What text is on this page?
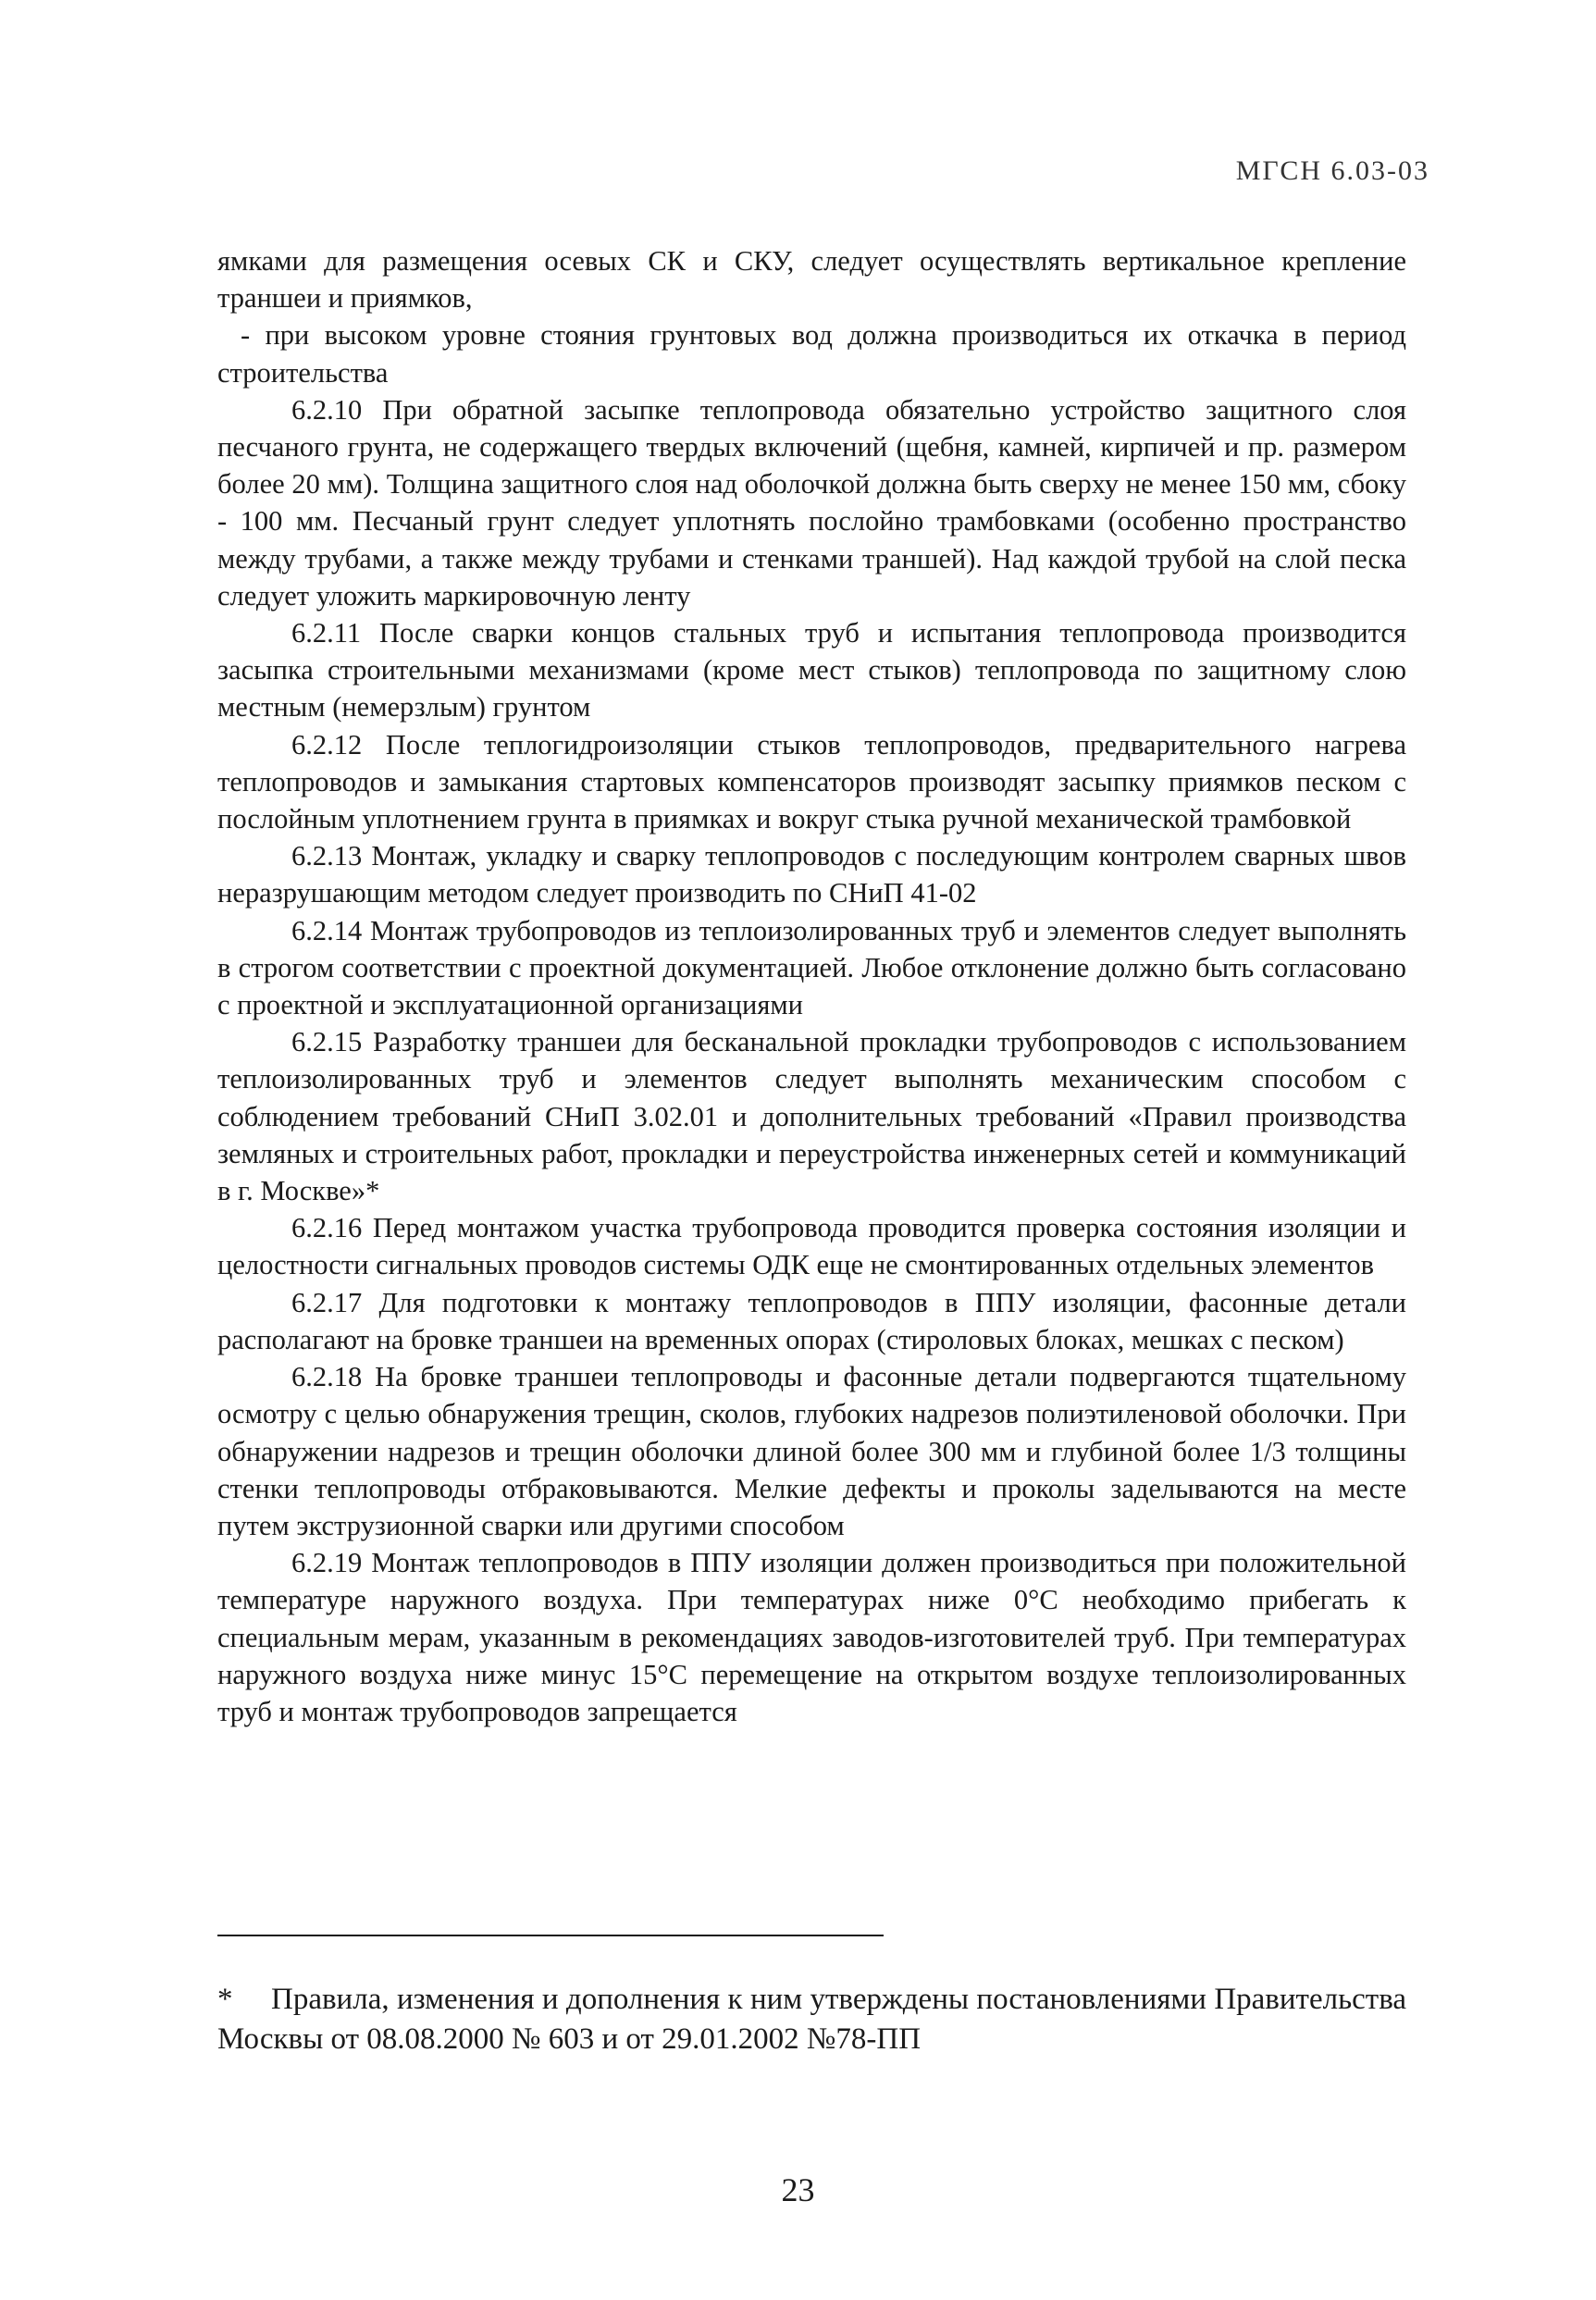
МГСН 6.03-03

ямками для размещения осевых СК и СКУ, следует осуществлять вертикальное крепление траншеи и приямков,

- при высоком уровне стояния грунтовых вод должна производиться их откачка в период строительства

6.2.10 При обратной засыпке теплопровода обязательно устройство защитного слоя песчаного грунта, не содержащего твердых включений (щебня, камней, кирпичей и пр. размером более 20 мм). Толщина защитного слоя над оболочкой должна быть сверху не менее 150 мм, сбоку - 100 мм. Песчаный грунт следует уплотнять послойно трамбовками (особенно пространство между трубами, а также между трубами и стенками траншей). Над каждой трубой на слой песка следует уложить маркировочную ленту

6.2.11 После сварки концов стальных труб и испытания теплопровода производится засыпка строительными механизмами (кроме мест стыков) теплопровода по защитному слою местным (немерзлым) грунтом

6.2.12 После теплогидроизоляции стыков теплопроводов, предварительного нагрева теплопроводов и замыкания стартовых компенсаторов производят засыпку приямков песком с послойным уплотнением грунта в приямках и вокруг стыка ручной механической трамбовкой

6.2.13 Монтаж, укладку и сварку теплопроводов с последующим контролем сварных швов неразрушающим методом следует производить по СНиП 41-02

6.2.14 Монтаж трубопроводов из теплоизолированных труб и элементов следует выполнять в строгом соответствии с проектной документацией. Любое отклонение должно быть согласовано с проектной и эксплуатационной организациями

6.2.15 Разработку траншеи для бесканальной прокладки трубопроводов с использованием теплоизолированных труб и элементов следует выполнять механическим способом с соблюдением требований СНиП 3.02.01 и дополнительных требований «Правил производства земляных и строительных работ, прокладки и переустройства инженерных сетей и коммуникаций в г. Москве»*

6.2.16 Перед монтажом участка трубопровода проводится проверка состояния изоляции и целостности сигнальных проводов системы ОДК еще не смонтированных отдельных элементов

6.2.17 Для подготовки к монтажу теплопроводов в ППУ изоляции, фасонные детали располагают на бровке траншеи на временных опорах (стироловых блоках, мешках с песком)

6.2.18 На бровке траншеи теплопроводы и фасонные детали подвергаются тщательному осмотру с целью обнаружения трещин, сколов, глубоких надрезов полиэтиленовой оболочки. При обнаружении надрезов и трещин оболочки длиной более 300 мм и глубиной более 1/3 толщины стенки теплопроводы отбраковываются. Мелкие дефекты и проколы заделываются на месте путем экструзионной сварки или другими способом

6.2.19 Монтаж теплопроводов в ППУ изоляции должен производиться при положительной температуре наружного воздуха. При температурах ниже 0°С необходимо прибегать к специальным мерам, указанным в рекомендациях заводов-изготовителей труб. При температурах наружного воздуха ниже минус 15°С перемещение на открытом воздухе теплоизолированных труб и монтаж трубопроводов запрещается

* Правила, изменения и дополнения к ним утверждены постановлениями Правительства Москвы от 08.08.2000 № 603 и от 29.01.2002 №78-ПП
23
